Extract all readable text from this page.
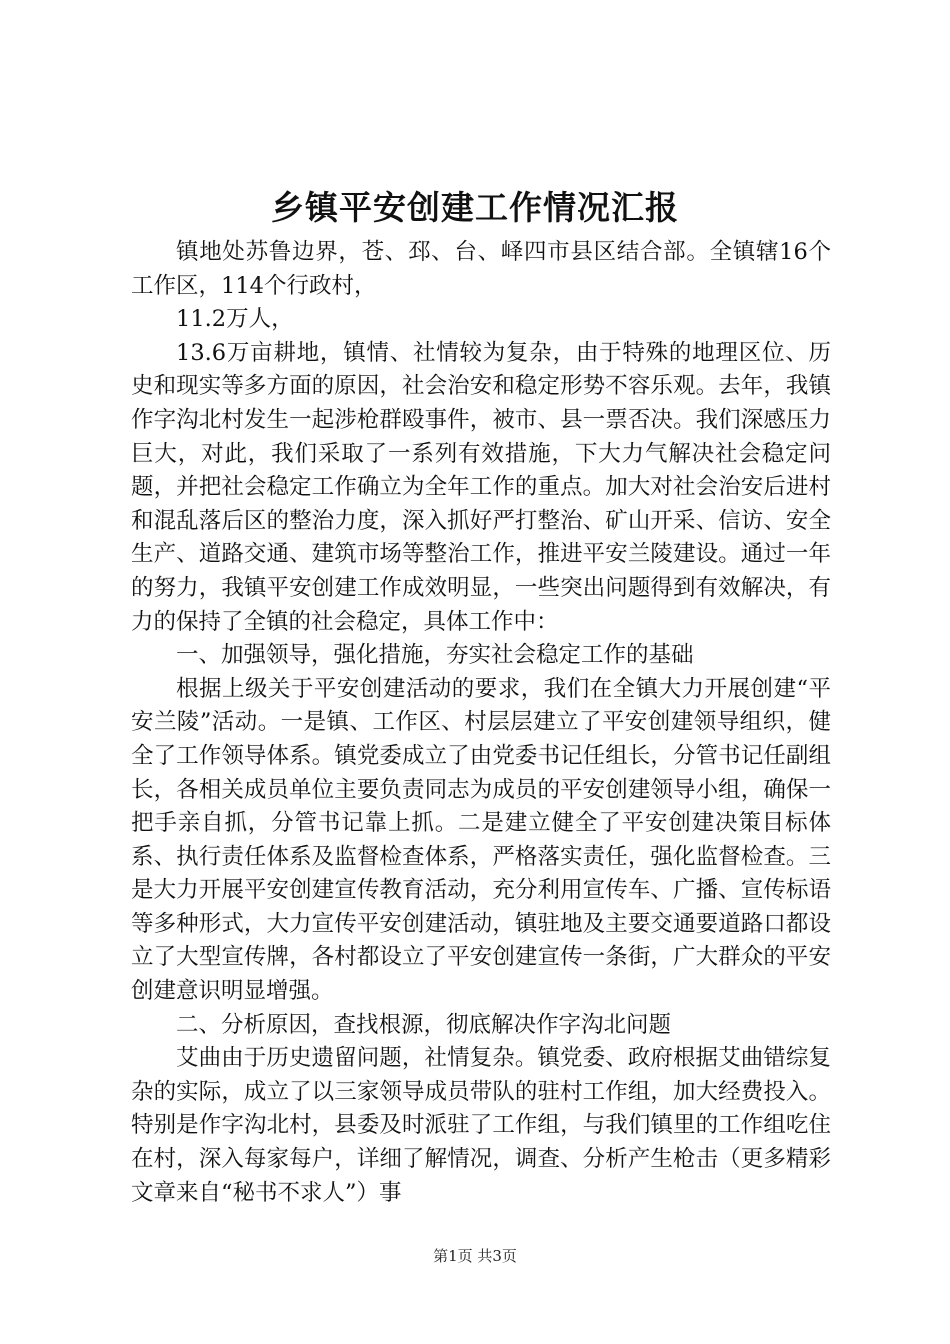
乡镇平安创建工作情况汇报

镇地处苏鲁边界，苍、邳、台、峄四市县区结合部。全镇辖16个工作区，114个行政村，

11.2万人，

13.6万亩耕地，镇情、社情较为复杂，由于特殊的地理区位、历史和现实等多方面的原因，社会治安和稳定形势不容乐观。去年，我镇作字沟北村发生一起涉枪群殴事件，被市、县一票否决。我们深感压力巨大，对此，我们采取了一系列有效措施，下大力气解决社会稳定问题，并把社会稳定工作确立为全年工作的重点。加大对社会治安后进村和混乱落后区的整治力度，深入抓好严打整治、矿山开采、信访、安全生产、道路交通、建筑市场等整治工作，推进平安兰陵建设。通过一年的努力，我镇平安创建工作成效明显，一些突出问题得到有效解决，有力的保持了全镇的社会稳定，具体工作中：

一、加强领导，强化措施，夯实社会稳定工作的基础

根据上级关于平安创建活动的要求，我们在全镇大力开展创建“平安兰陵”活动。一是镇、工作区、村层层建立了平安创建领导组织，健全了工作领导体系。镇党委成立了由党委书记任组长，分管书记任副组长，各相关成员单位主要负责同志为成员的平安创建领导小组，确保一把手亲自抓，分管书记靠上抓。二是建立健全了平安创建决策目标体系、执行责任体系及监督检查体系，严格落实责任，强化监督检查。三是大力开展平安创建宣传教育活动，充分利用宣传车、广播、宣传标语等多种形式，大力宣传平安创建活动，镇驻地及主要交通要道路口都设立了大型宣传牌，各村都设立了平安创建宣传一条街，广大群众的平安创建意识明显增强。

二、分析原因，查找根源，彻底解决作字沟北问题

艾曲由于历史遗留问题，社情复杂。镇党委、政府根据艾曲错综复杂的实际，成立了以三家领导成员带队的驻村工作组，加大经费投入。特别是作字沟北村，县委及时派驻了工作组，与我们镇里的工作组吃住在村，深入每家每户，详细了解情况，调查、分析产生枪击（更多精彩文章来自“秘书不求人”）事

第1页 共3页
